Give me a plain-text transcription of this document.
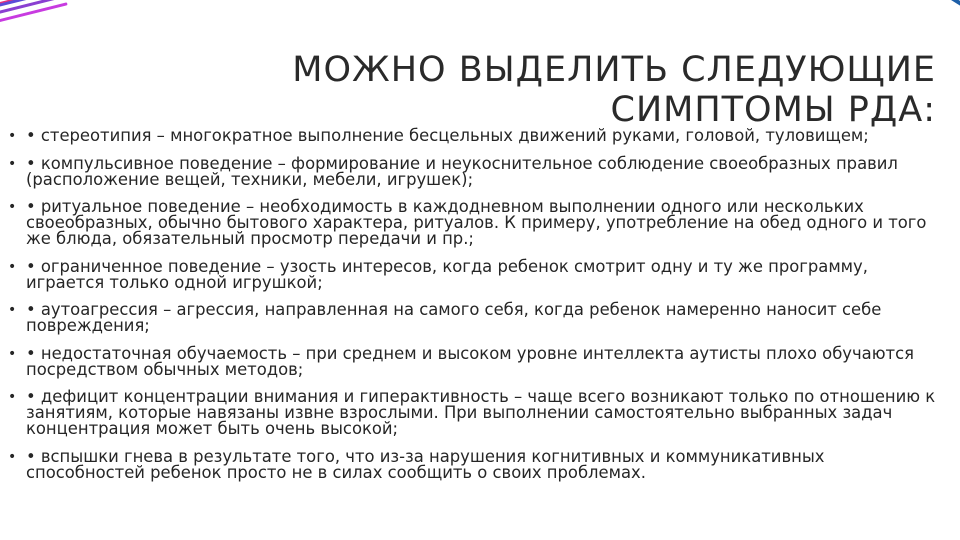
МОЖНО ВЫДЕЛИТЬ СЛЕДУЮЩИЕ
СИМПТОМЫ РДА:
• • стереотипия – многократное выполнение бесцельных движений руками, головой, туловищем;
• • компульсивное поведение – формирование и неукоснительное соблюдение своеобразных правил (расположение вещей, техники, мебели, игрушек);
• • ритуальное поведение – необходимость в каждодневном выполнении одного или нескольких своеобразных, обычно бытового характера, ритуалов. К примеру, употребление на обед одного и того же блюда, обязательный просмотр передачи и пр.;
• • ограниченное поведение – узость интересов, когда ребенок смотрит одну и ту же программу, играется только одной игрушкой;
• • аутоагрессия – агрессия, направленная на самого себя, когда ребенок намеренно наносит себе повреждения;
• • недостаточная обучаемость – при среднем и высоком уровне интеллекта аутисты плохо обучаются посредством обычных методов;
• • дефицит концентрации внимания и гиперактивность – чаще всего возникают только по отношению к занятиям, которые навязаны извне взрослыми. При выполнении самостоятельно выбранных задач концентрация может быть очень высокой;
• • вспышки гнева в результате того, что из-за нарушения когнитивных и коммуникативных способностей ребенок просто не в силах сообщить о своих проблемах.
